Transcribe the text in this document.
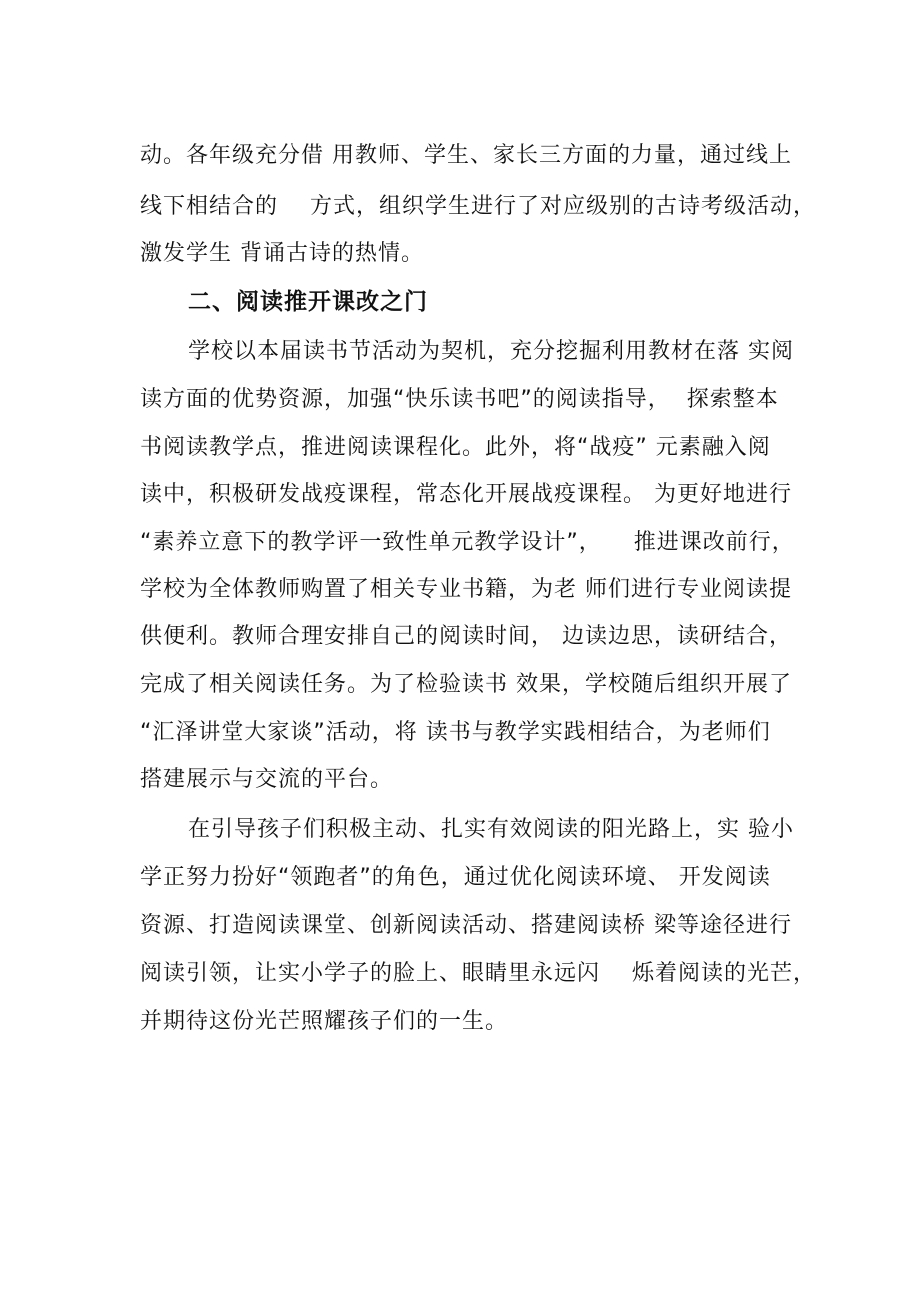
动。各年级充分借 用教师、学生、家长三方面的力量，通过线上
线下相结合的    方式，组织学生进行了对应级别的古诗考级活动，
激发学生 背诵古诗的热情。
二、阅读推开课改之门
学校以本届读书节活动为契机，充分挖掘利用教材在落 实阅
读方面的优势资源，加强“快乐读书吧”的阅读指导，  探索整本
书阅读教学点，推进阅读课程化。此外，将“战疫” 元素融入阅
读中，积极研发战疫课程，常态化开展战疫课程。 为更好地进行
“素养立意下的教学评一致性单元教学设计”，    推进课改前行，
学校为全体教师购置了相关专业书籍，为老 师们进行专业阅读提
供便利。教师合理安排自己的阅读时间， 边读边思，读研结合，
完成了相关阅读任务。为了检验读书 效果，学校随后组织开展了
“汇泽讲堂大家谈”活动，将 读书与教学实践相结合，为老师们
搭建展示与交流的平台。
在引导孩子们积极主动、扎实有效阅读的阳光路上，实 验小
学正努力扮好“领跑者”的角色，通过优化阅读环境、 开发阅读
资源、打造阅读课堂、创新阅读活动、搭建阅读桥 梁等途径进行
阅读引领，让实小学子的脸上、眼睛里永远闪    烁着阅读的光芒，
并期待这份光芒照耀孩子们的一生。
